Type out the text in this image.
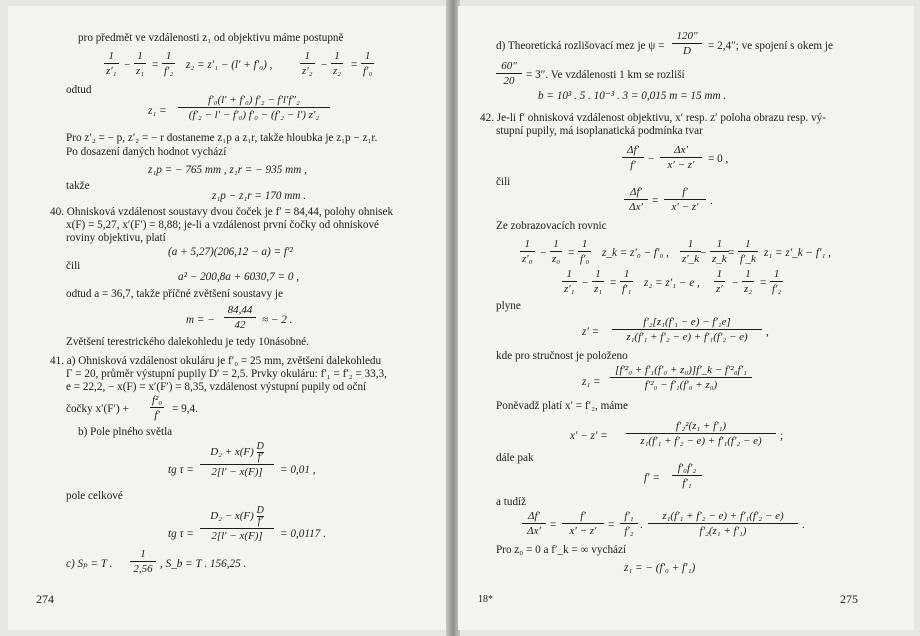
pro předmět ve vzdálenosti z₁ od objektivu máme postupně
1
z′₁ −
1
z₁ =
1
f′₂ z₂ = z′₁ − (l′ + f′₀) ,
1
z′₂ −
1
z₂ =
1
f′₀
odtud
z₁ =
f′₀(l′ + f′₀) f′₂ − f′l′f″₂
(f′₂ − l′ − f′₀) f′₀ − (f′₂ − l′) z′₂
Pro z′₂ = − p, z′₂ = − r dostaneme z₁p a z₁r, takže hloubka je z₁p − z₁r.
Po dosazení daných hodnot vychází
z₁p = − 765 mm , z₁r = − 935 mm ,
takže
z₁p − z₁r = 170 mm .
40. Ohnisková vzdálenost soustavy dvou čoček je f′ = 84,44, polohy ohnisek
x(F) = 5,27, x′(F′) = 8,88; je-li a vzdálenost první čočky od ohniskové
roviny objektivu, platí
(a + 5,27)(206,12 − a) = f′²
čili
a² − 200,8a + 6030,7 = 0 ,
odtud a = 36,7, takže příčné zvětšení soustavy je
m = −
84,44
42	≈ − 2 .
Zvětšení terestrického dalekohledu je tedy 10násobné.
41. a) Ohnisková vzdálenost okuláru je f′₀ = 25 mm, zvětšení dalekohledu
Γ = 20, průměr výstupní pupily D′ = 2,5. Prvky okuláru: f′₁ = f′₂ = 33,3,
e = 22,2, − x(F) = x′(F′) = 8,35, vzdálenost výstupní pupily od oční
čočky x′(F′) +
f²₀
f′	= 9,4.
b) Pole plného světla
tg τ =
$D_2 + x(F) \frac{D}{f'}$
2[l′ − x(F)]	= 0,01 ,
pole celkové
tg τ =
$D_2 - x(F) \frac{D}{f'}$
2[l′ − x(F)]	= 0,0117 .
c) Sₚ = T .
1
2,56 , S_b = T . 156,25 .
274
d) Theoretická rozlišovací mez je ψ =
120″
D	= 2,4″; ve spojení s okem je
60″
20	= 3″. Ve vzdálenosti 1 km se rozliší
b = 10³ . 5 . 10⁻³ . 3 = 0,015 m = 15 mm .
42. Je-li f′ ohnisková vzdálenost objektivu, x′ resp. z′ poloha obrazu resp. vý-
stupní pupily, má isoplanatická podmínka tvar
Δf′
f′	−
Δx′
x′ − z′	= 0 ,
čili
Δf′
Δx′ =
f′
x′ − z′	.
Ze zobrazovacích rovnic
1
z′₀ −
1
z₀ =
1
f′₀ z_k = z′₀ − f′₀ ,
1
z′_k −
1
z_k =
1
f′_k z₁ = z′_k − f′₁ ,
1
z′₁ −
1
z₁ =
1
f′₁ z₂ = z′₁ − e ,
1
z′ −
1
z₂ =
1
f′₂
plyne
z′ =
f′₂[z₁(f′₁ − e) − f′₁e]
z₁(f′₁ + f′₂ − e) + f′₁(f′₂ − e)	,
kde pro stručnost je položeno
z₁ =
[f′²₀ + f′₁(f′₀ + z₀)]f′_k − f′²₀f′₁
f′²₀ − f′₁(f′₀ + z₀)
Poněvadž platí x′ = f′₂, máme
x′ − z′ =
f′₂²(z₁ + f′₁)
z₁(f′₁ + f′₂ − e) + f′₁(f′₂ − e)	;
dále pak
f′ =
f′₀f′₂
f′₁
a tudíž
Δf′
Δx′ =
f′
x′ − z′	=
f′₁
f′₂ .
z₁(f′₁ + f′₂ − e) + f′₁(f′₂ − e)
f′₂(z₁ + f′₁)	.
Pro z₀ = 0 a f′_k = ∞ vychází
z₁ = − (f′₀ + f′₁)
18*	275
